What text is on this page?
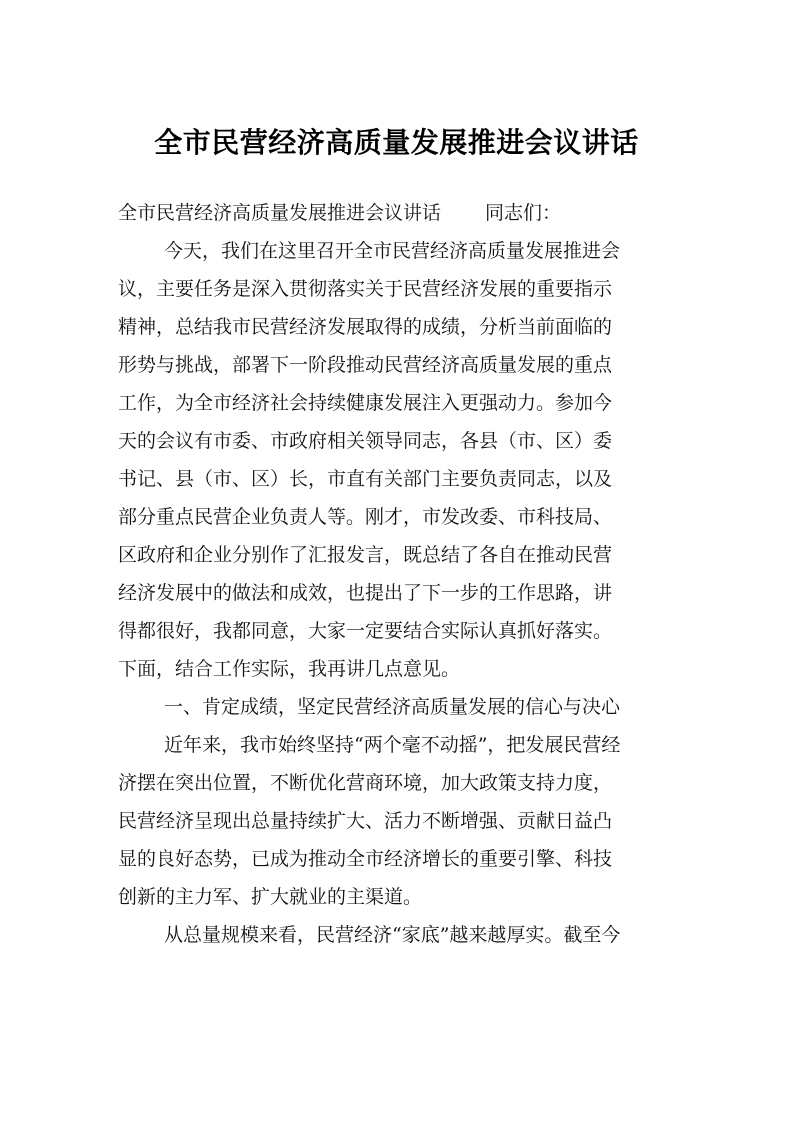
全市民营经济高质量发展推进会议讲话
全市民营经济高质量发展推进会议讲话 同志们：
今天，我们在这里召开全市民营经济高质量发展推进会
议，主要任务是深入贯彻落实关于民营经济发展的重要指示
精神，总结我市民营经济发展取得的成绩，分析当前面临的
形势与挑战，部署下一阶段推动民营经济高质量发展的重点
工作，为全市经济社会持续健康发展注入更强动力。参加今
天的会议有市委、市政府相关领导同志，各县（市、区）委
书记、县（市、区）长，市直有关部门主要负责同志，以及
部分重点民营企业负责人等。刚才，市发改委、市科技局、
区政府和企业分别作了汇报发言，既总结了各自在推动民营
经济发展中的做法和成效，也提出了下一步的工作思路，讲
得都很好，我都同意，大家一定要结合实际认真抓好落实。
下面，结合工作实际，我再讲几点意见。
一、肯定成绩，坚定民营经济高质量发展的信心与决心
近年来，我市始终坚持“两个毫不动摇”，把发展民营经
济摆在突出位置，不断优化营商环境，加大政策支持力度，
民营经济呈现出总量持续扩大、活力不断增强、贡献日益凸
显的良好态势，已成为推动全市经济增长的重要引擎、科技
创新的主力军、扩大就业的主渠道。
从总量规模来看，民营经济“家底”越来越厚实。截至今
